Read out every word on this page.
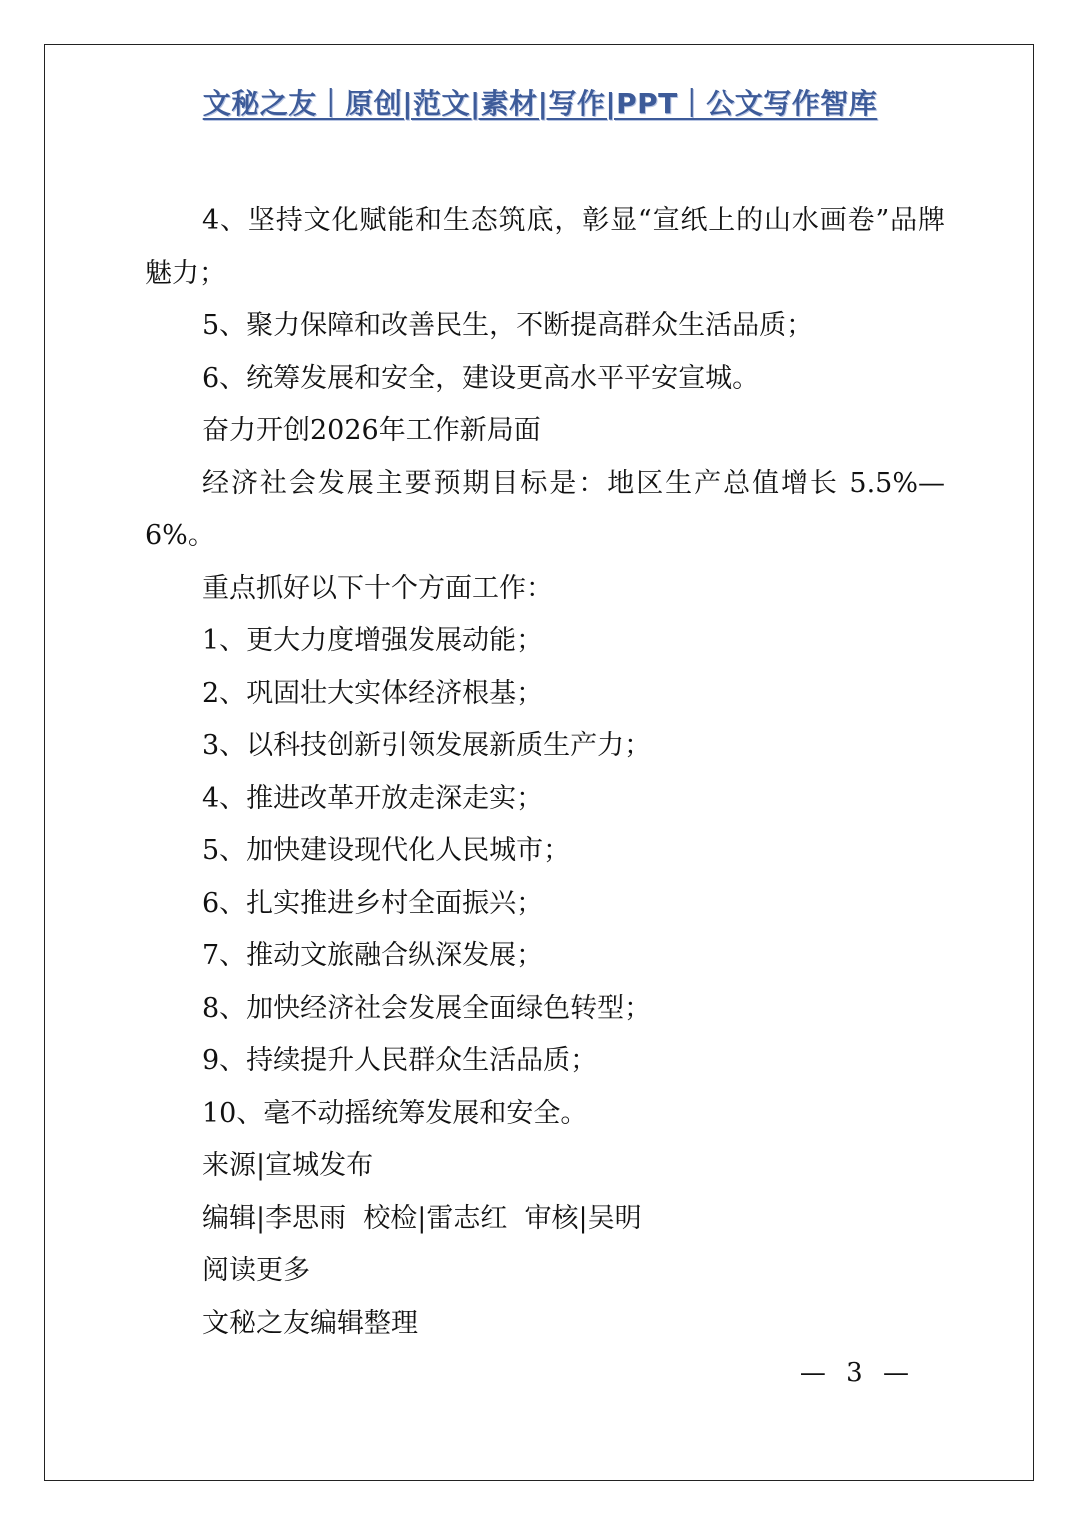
文秘之友｜原创|范文|素材|写作|PPT｜公文写作智库

4、坚持文化赋能和生态筑底，彰显“宣纸上的山水画卷”品牌魅力；

5、聚力保障和改善民生，不断提高群众生活品质；

6、统筹发展和安全，建设更高水平平安宣城。

奋力开创2026年工作新局面

经济社会发展主要预期目标是：地区生产总值增长 5.5%—6%。

重点抓好以下十个方面工作：

1、更大力度增强发展动能；

2、巩固壮大实体经济根基；

3、以科技创新引领发展新质生产力；

4、推进改革开放走深走实；

5、加快建设现代化人民城市；

6、扎实推进乡村全面振兴；

7、推动文旅融合纵深发展；

8、加快经济社会发展全面绿色转型；

9、持续提升人民群众生活品质；

10、毫不动摇统筹发展和安全。

来源|宣城发布

编辑|李思雨  校检|雷志红  审核|吴明

阅读更多

文秘之友编辑整理

— 3 —
